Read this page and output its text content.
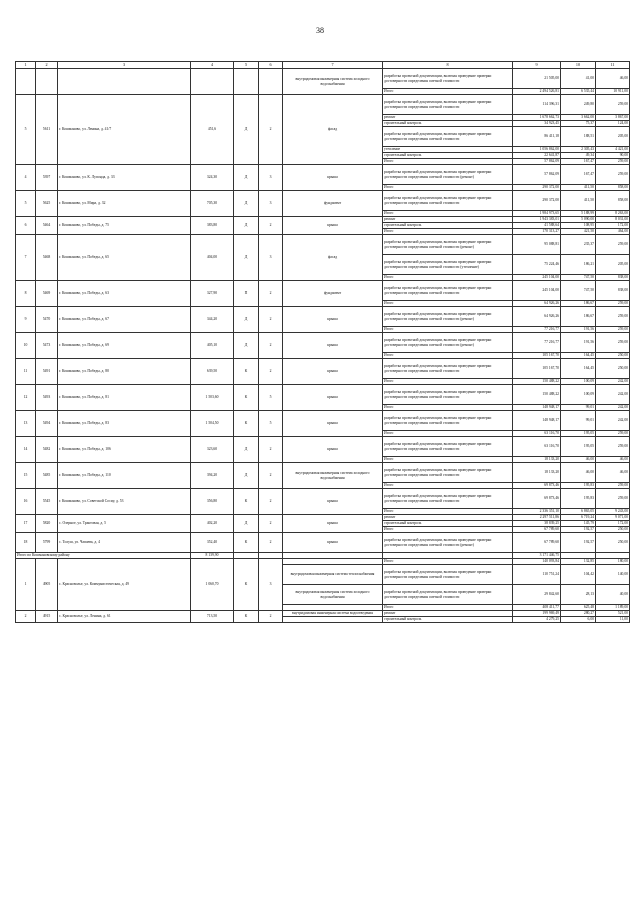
38
1	2	3	4	5	6	7	8	9	10	11
						внутридомовая инженерная система холодного водоснабжения	разработка проектной документации, включая проведение проверки достоверности определения сметной стоимости	21 505,00	41,00	46,00
							Итого	2 494 526,81	6 535,44	10 911,00
5	5611	г. Кошманово, ул. Ленина, д. 41/7	451,6	Д	2	фасад	разработка проектной документации, включая проведение проверки достоверности определения сметной стоимости	114 396,31	249,80	259,00
							ремонт	1 678 662,73	3 662,00	3 867,00
							строительный контроль	34 923,45	75,37	124,00
							разработка проектной документации, включая проведение проверки достоверности определения сметной стоимости	86 411,18	188,51	205,00
							утепление	1 056 862,00	2 305,43	4 421,00
							строительный контроль	22 641,87	49,34	90,00
							Итого	57 862,09	167,47	259,00
4	5397	г. Кошманово, ул. К. Лупонда, д. 33	324,30	Д	3	крыша	разработка проектной документации, включая проведение проверки достоверности определения сметной стоимости (ремонт)	57 862,09	167,47	259,00
							Итого	290 372,00	411,50	858,00
5	5625	г. Кошманово, ул. Мира, д. 32	705,30	Д	3	фундамент	разработка проектной документации, включая проведение проверки достоверности определения сметной стоимости	290 372,00	411,50	858,00
							Итого	1 984 973,65	5 188,99	8 263,00
6	5464	г. Кошманово, ул. Победы, д. 75	383,80	Д	2	крыша	ремонт	1 943 383,01	5 090,00	8 031,00
							строительный контроль	41 588,64	108,95	172,00
							Итого	170 313,27	421,50	464,00
7	5468	г. Кошманово, ул. Победы, д. 65	404,00	Д	3	фасад	разработка проектной документации, включая проведение проверки достоверности определения сметной стоимости (ремонт)	95 088,81	235,37	259,00
							разработка проектной документации, включая проведение проверки достоверности определения сметной стоимости (утепление)	75 224,46	186,21	205,00
							Итого	245 104,00	747,50	838,00
8	5469	г. Кошманово, ул. Победы, д. 63	327,90	П	2	фундамент	разработка проектной документации, включая проведение проверки достоверности определения сметной стоимости	245 104,00	747,50	838,00
							Итого	64 926,26	186,67	259,00
9	5470	г. Кошманово, ул. Победы, д. 67	344,20	Д	2	крыша	разработка проектной документации, включая проведение проверки достоверности определения сметной стоимости (ремонт)	64 926,26	186,67	259,00
							Итого	77 216,77	191,56	259,00
10	5473	г. Кошманово, ул. Победы, д. 69	405,10	Д	2	крыша	разработка проектной документации, включая проведение проверки достоверности определения сметной стоимости (ремонт)	77 216,77	191,56	259,00
							Итого	105 167,70	164,45	250,00
11	5491	г. Кошманово, ул. Победы, д. 80	639,50	К	2	крыша	разработка проектной документации, включая проведение проверки достоверности определения сметной стоимости	105 167,70	164,45	250,00
							Итого	150 488,22	100,09	242,00
12	5493	г. Кошманово, ул. Победы, д. 81	1 503,60	К	5	крыша	разработка проектной документации, включая проведение проверки достоверности определения сметной стоимости	150 488,22	100,09	242,00
							Итого	148 948,17	99,01	242,00
13	5494	г. Кошманово, ул. Победы, д. 83	1 504,50	К	5	крыша	разработка проектной документации, включая проведение проверки достоверности определения сметной стоимости	148 948,17	99,01	242,00
							Итого	63 116,70	195,05	259,00
14	5482	г. Кошманово, ул. Победы, д. 106	323,60	Д	2	крыша	разработка проектной документации, включая проведение проверки достоверности определения сметной стоимости	63 116,70	195,05	259,00
							Итого	18 133,20	46,00	46,00
15	5485	г. Кошманово, ул. Победы, д. 110	394,20	Д	2	внутридомовая инженерная система холодного водоснабжения	разработка проектной документации, включая проведение проверки достоверности определения сметной стоимости	18 133,20	46,00	46,00
							Итого	69 873,46	195,83	259,00
16	5545	г. Кошманово, ул. Советской Сосиу, д. 53	356,80	К	2	крыша	разработка проектной документации, включая проведение проверки достоверности определения сметной стоимости	69 873,46	195,83	259,00
							Итого	2 336 351,10	6 865,05	9 243,00
17	5820	с. Озерное, ул. Трактовая, д. 5	402,20	Д	2	крыша	ремонт	2 297 511,86	6 719,24	9 071,00
							строительный контроль	38 839,25	145,79	172,00
							Итого	67 789,60	192,57	250,00
18	5799	с. Толуш, ул. Чапаева, д. 4	352,40	К	2	крыша	разработка проектной документации, включая проведение проверки достоверности определения сметной стоимости (ремонт)	67 789,60	192,57	250,00
Итого по Кошмановскому району			8 139,90					3 171 446,75		
1	4905	с. Красноволье, ул. Коммунистическая, д. 49	1 060,70	К	3		Итого	140 093,84	132,85	180,00
						внутридомовая инженерная система теплоснабжения	разработка проектной документации, включая проведение проверки достоверности определения сметной стоимости	110 751,24	104,42	140,00
						внутридомовая инженерная система холодного водоснабжения	разработка проектной документации, включая проведение проверки достоверности определения сметной стоимости	29 842,60	28,13	40,00
							Итого	408 411,77	625,48	1 189,00
2	4915	с. Красноволье, ул. Ленина, д. 61	713,50	К	2	внутридомовая инженерная система водоотведения	ремонт	199 969,49	280,27	521,00
							строительный контроль	4 279,25	6,00	11,00
